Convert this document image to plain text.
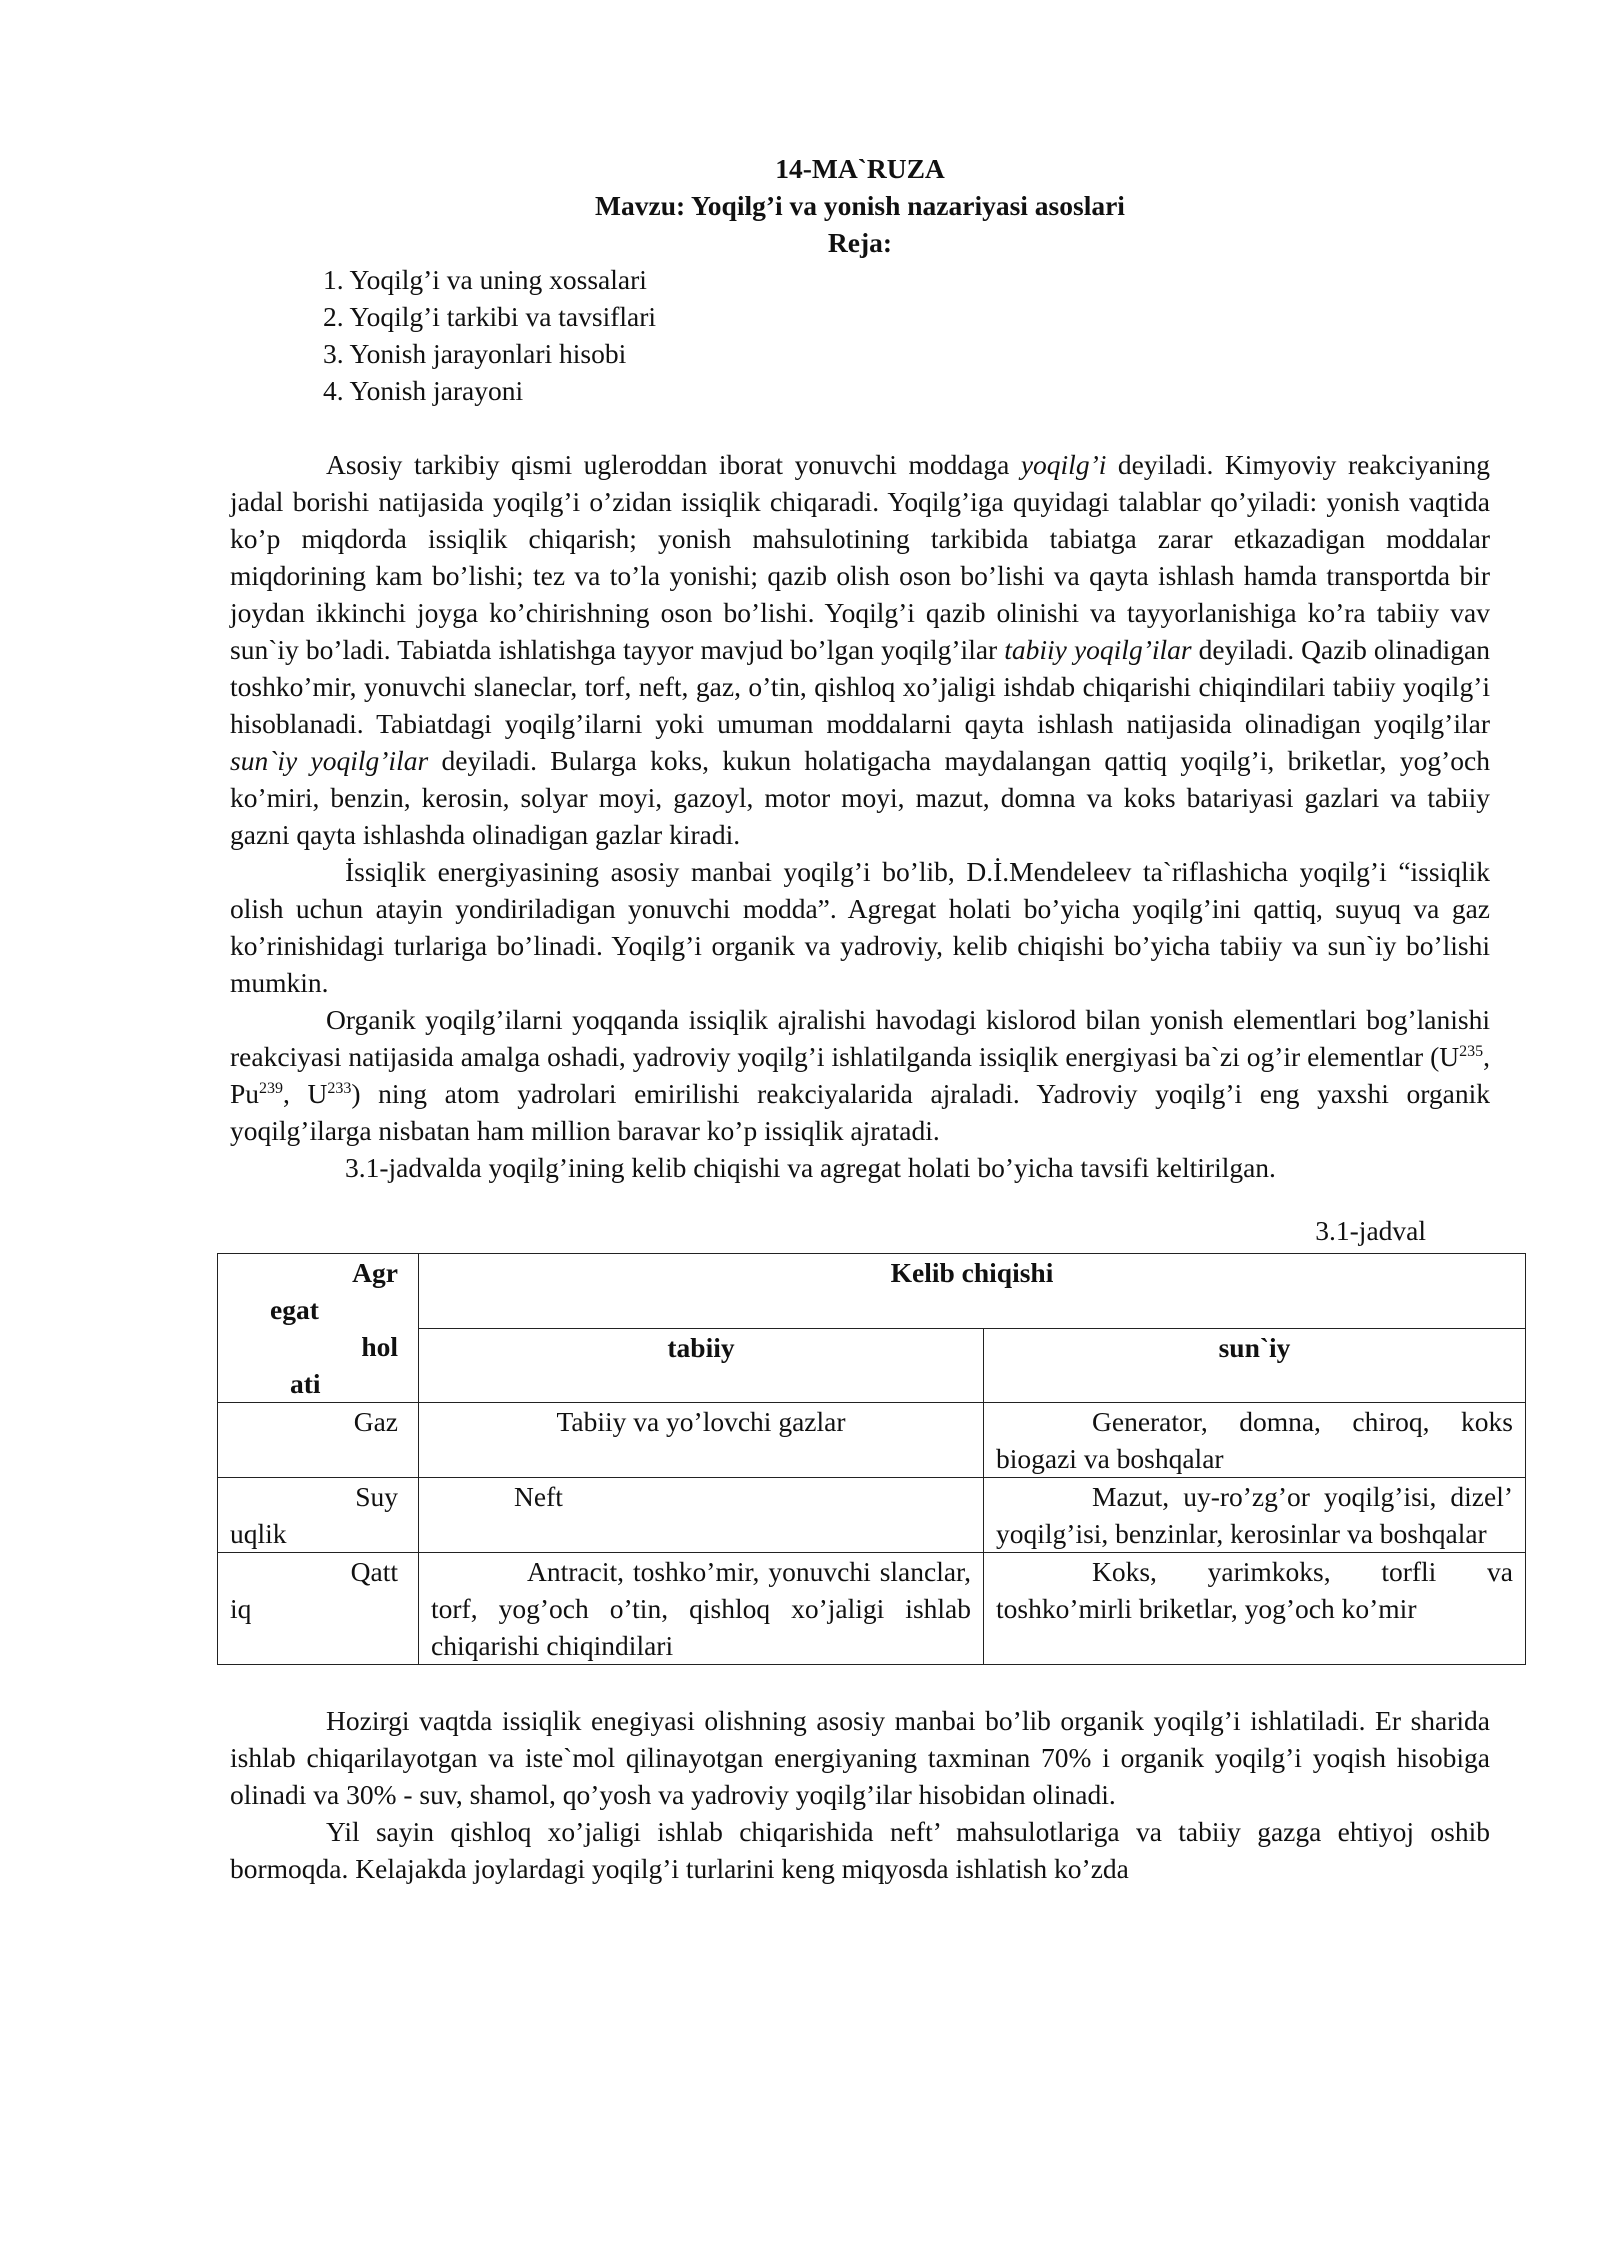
14-MA`RUZA
Mavzu: Yoqilg’i va yonish nazariyasi asoslari
Reja:
1. Yoqilg’i va uning xossalari
2. Yoqilg’i tarkibi va tavsiflari
3. Yonish jarayonlari hisobi
4. Yonish jarayoni

Asosiy tarkibiy qismi ugleroddan iborat yonuvchi moddaga yoqilg’i deyiladi. Kimyoviy reakciyaning jadal borishi natijasida yoqilg’i o’zidan issiqlik chiqaradi. Yoqilg’iga quyidagi talablar qo’yiladi: yonish vaqtida ko’p miqdorda issiqlik chiqarish; yonish mahsulotining tarkibida tabiatga zarar etkazadigan moddalar miqdorining kam bo’lishi; tez va to’la yonishi; qazib olish oson bo’lishi va qayta ishlash hamda transportda bir joydan ikkinchi joyga ko’chirishning oson bo’lishi. Yoqilg’i qazib olinishi va tayyorlanishiga ko’ra tabiiy vav sun`iy bo’ladi. Tabiatda ishlatishga tayyor mavjud bo’lgan yoqilg’ilar tabiiy yoqilg’ilar deyiladi. Qazib olinadigan toshko’mir, yonuvchi slaneclar, torf, neft, gaz, o’tin, qishloq xo’jaligi ishdab chiqarishi chiqindilari tabiiy yoqilg’i hisoblanadi. Tabiatdagi yoqilg’ilarni yoki umuman moddalarni qayta ishlash natijasida olinadigan yoqilg’ilar sun`iy yoqilg’ilar deyiladi. Bularga koks, kukun holatigacha maydalangan qattiq yoqilg’i, briketlar, yog’och ko’miri, benzin, kerosin, solyar moyi, gazoyl, motor moyi, mazut, domna va koks batariyasi gazlari va tabiiy gazni qayta ishlashda olinadigan gazlar kiradi.

İssiqlik energiyasining asosiy manbai yoqilg’i bo’lib, D.İ.Mendeleev ta`riflashicha yoqilg’i “issiqlik olish uchun atayin yondiriladigan yonuvchi modda”. Agregat holati bo’yicha yoqilg’ini qattiq, suyuq va gaz ko’rinishidagi turlariga bo’linadi. Yoqilg’i organik va yadroviy, kelib chiqishi bo’yicha tabiiy va sun`iy bo’lishi mumkin.

Organik yoqilg’ilarni yoqqanda issiqlik ajralishi havodagi kislorod bilan yonish elementlari bog’lanishi reakciyasi natijasida amalga oshadi, yadroviy yoqilg’i ishlatilganda issiqlik energiyasi ba`zi og’ir elementlar ($U^{235}$, Pu$^{239}$, $U^{233}$) ning atom yadrolari emirilishi reakciyalarida ajraladi. Yadroviy yoqilg’i eng yaxshi organik yoqilg’ilarga nisbatan ham million baravar ko’p issiqlik ajratadi.

3.1-jadvalda yoqilg’ining kelib chiqishi va agregat holati bo’yicha tavsifi keltirilgan.

3.1-jadval
Agr
egat
hol
ati	Kelib chiqishi	
	tabiiy	sun`iy

Gaz	Tabiiy va yo’lovchi gazlar	Generator, domna, chiroq, koks biogazi va boshqalar

Suy
uqlik	Neft	Mazut, uy-ro’zg’or yoqilg’isi, dizel’ yoqilg’isi, benzinlar, kerosinlar va boshqalar

Qatt
iq	Antracit, toshko’mir, yonuvchi slanclar, torf, yog’och o’tin, qishloq xo’jaligi ishlab chiqarishi chiqindilari	Koks, yarimkoks, torfli va toshko’mirli briketlar, yog’och ko’mir

Hozirgi vaqtda issiqlik enegiyasi olishning asosiy manbai bo’lib organik yoqilg’i ishlatiladi. Er sharida ishlab chiqarilayotgan va iste`mol qilinayotgan energiyaning taxminan 70% i organik yoqilg’i yoqish hisobiga olinadi va 30% - suv, shamol, qo’yosh va yadroviy yoqilg’ilar hisobidan olinadi.

Yil sayin qishloq xo’jaligi ishlab chiqarishida neft’ mahsulotlariga va tabiiy gazga ehtiyoj oshib bormoqda. Kelajakda joylardagi yoqilg’i turlarini keng miqyosda ishlatish ko’zda
